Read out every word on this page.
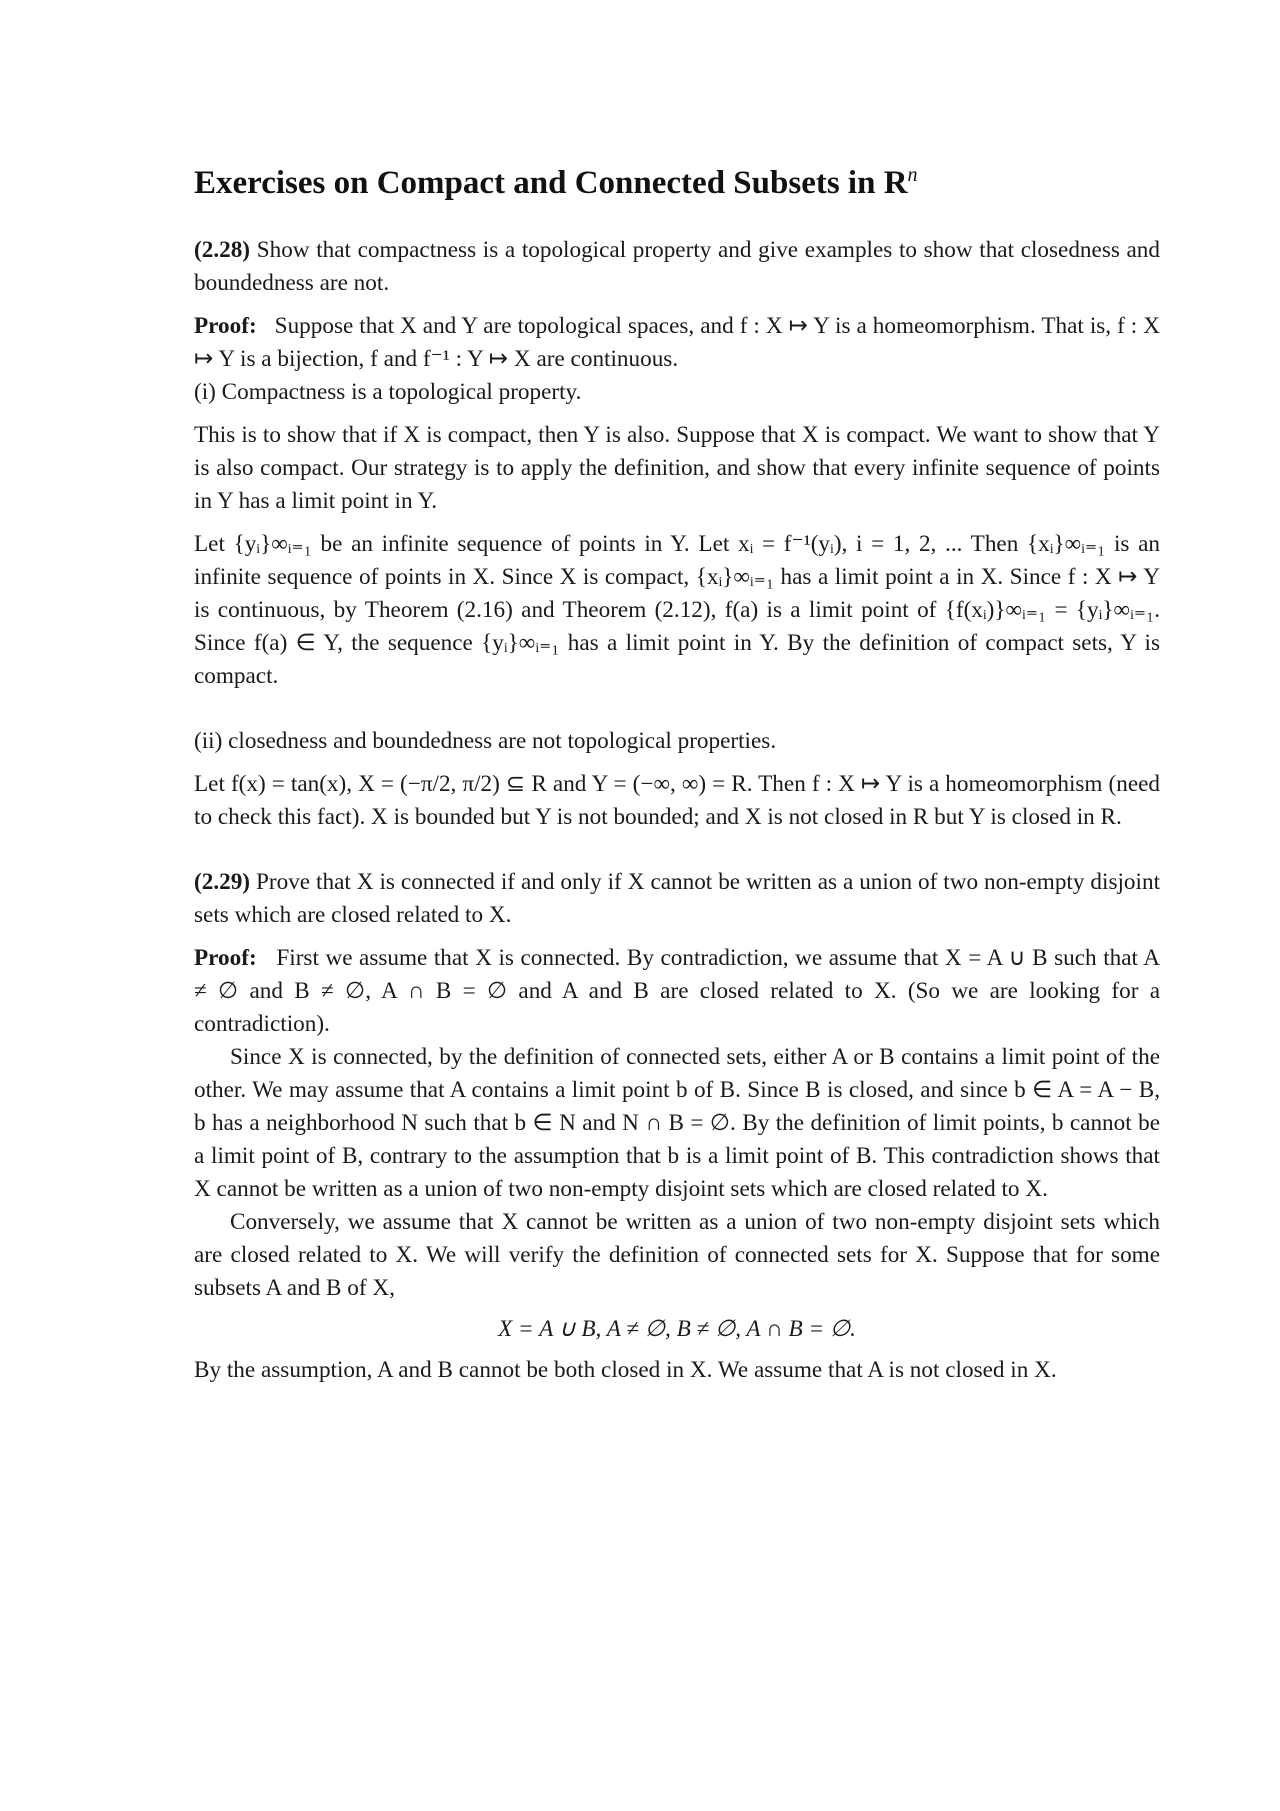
Exercises on Compact and Connected Subsets in $R^n$

(2.28) Show that compactness is a topological property and give examples to show that closedness and boundedness are not.

Proof: Suppose that X and Y are topological spaces, and f : X ↦ Y is a homeomorphism. That is, f : X ↦ Y is a bijection, f and f⁻¹ : Y ↦ X are continuous.

(i) Compactness is a topological property.

This is to show that if X is compact, then Y is also. Suppose that X is compact. We want to show that Y is also compact. Our strategy is to apply the definition, and show that every infinite sequence of points in Y has a limit point in Y.

Let {yᵢ}∞ᵢ₌₁ be an infinite sequence of points in Y. Let xᵢ = f⁻¹(yᵢ), i = 1, 2, ... Then {xᵢ}∞ᵢ₌₁ is an infinite sequence of points in X. Since X is compact, {xᵢ}∞ᵢ₌₁ has a limit point a in X. Since f : X ↦ Y is continuous, by Theorem (2.16) and Theorem (2.12), f(a) is a limit point of {f(xᵢ)}∞ᵢ₌₁ = {yᵢ}∞ᵢ₌₁. Since f(a) ∈ Y, the sequence {yᵢ}∞ᵢ₌₁ has a limit point in Y. By the definition of compact sets, Y is compact.

(ii) closedness and boundedness are not topological properties.

Let f(x) = tan(x), X = (−π/2, π/2) ⊆ R and Y = (−∞, ∞) = R. Then f : X ↦ Y is a homeomorphism (need to check this fact). X is bounded but Y is not bounded; and X is not closed in R but Y is closed in R.

(2.29) Prove that X is connected if and only if X cannot be written as a union of two non-empty disjoint sets which are closed related to X.

Proof: First we assume that X is connected. By contradiction, we assume that X = A ∪ B such that A ≠ ∅ and B ≠ ∅, A ∩ B = ∅ and A and B are closed related to X. (So we are looking for a contradiction).

Since X is connected, by the definition of connected sets, either A or B contains a limit point of the other. We may assume that A contains a limit point b of B. Since B is closed, and since b ∈ A = A − B, b has a neighborhood N such that b ∈ N and N ∩ B = ∅. By the definition of limit points, b cannot be a limit point of B, contrary to the assumption that b is a limit point of B. This contradiction shows that X cannot be written as a union of two non-empty disjoint sets which are closed related to X.

Conversely, we assume that X cannot be written as a union of two non-empty disjoint sets which are closed related to X. We will verify the definition of connected sets for X. Suppose that for some subsets A and B of X,

X = A ∪ B, A ≠ ∅, B ≠ ∅, A ∩ B = ∅.

By the assumption, A and B cannot be both closed in X. We assume that A is not closed in X.
